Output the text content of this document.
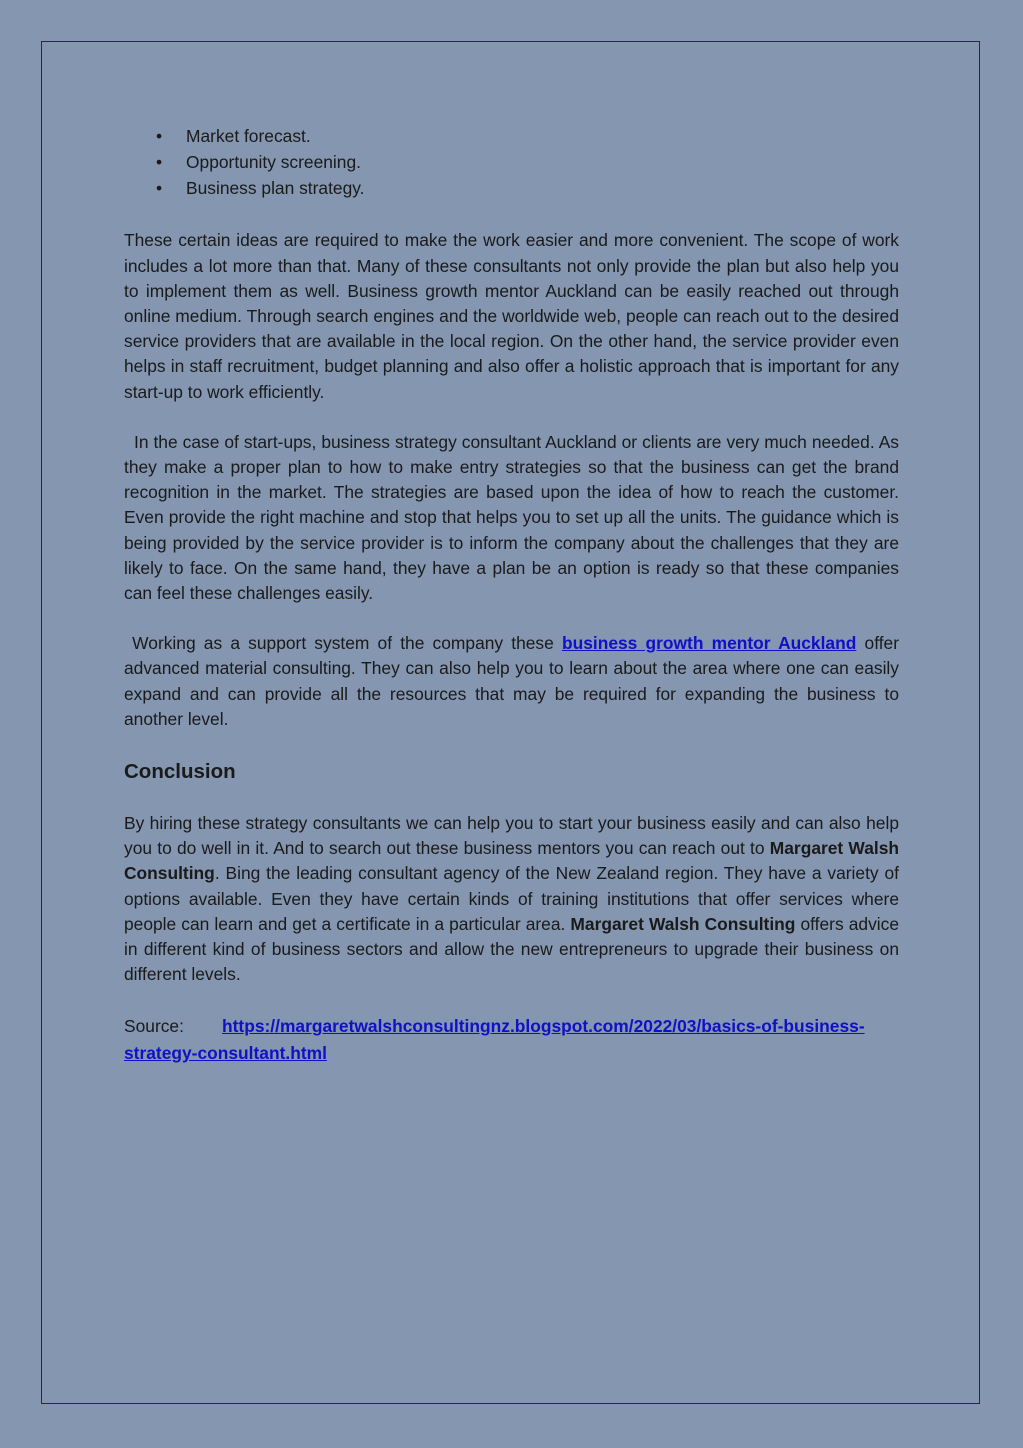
• Market forecast.
• Opportunity screening.
• Business plan strategy.

These certain ideas are required to make the work easier and more convenient. The scope of work includes a lot more than that. Many of these consultants not only provide the plan but also help you to implement them as well. Business growth mentor Auckland can be easily reached out through online medium. Through search engines and the worldwide web, people can reach out to the desired service providers that are available in the local region. On the other hand, the service provider even helps in staff recruitment, budget planning and also offer a holistic approach that is important for any start-up to work efficiently.

In the case of start-ups, business strategy consultant Auckland or clients are very much needed. As they make a proper plan to how to make entry strategies so that the business can get the brand recognition in the market. The strategies are based upon the idea of how to reach the customer. Even provide the right machine and stop that helps you to set up all the units. The guidance which is being provided by the service provider is to inform the company about the challenges that they are likely to face. On the same hand, they have a plan be an option is ready so that these companies can feel these challenges easily.

Working as a support system of the company these business growth mentor Auckland offer advanced material consulting. They can also help you to learn about the area where one can easily expand and can provide all the resources that may be required for expanding the business to another level.

Conclusion

By hiring these strategy consultants we can help you to start your business easily and can also help you to do well in it. And to search out these business mentors you can reach out to Margaret Walsh Consulting. Bing the leading consultant agency of the New Zealand region. They have a variety of options available. Even they have certain kinds of training institutions that offer services where people can learn and get a certificate in a particular area. Margaret Walsh Consulting offers advice in different kind of business sectors and allow the new entrepreneurs to upgrade their business on different levels.

Source: https://margaretwalshconsultingnz.blogspot.com/2022/03/basics-of-business-
strategy-consultant.html
